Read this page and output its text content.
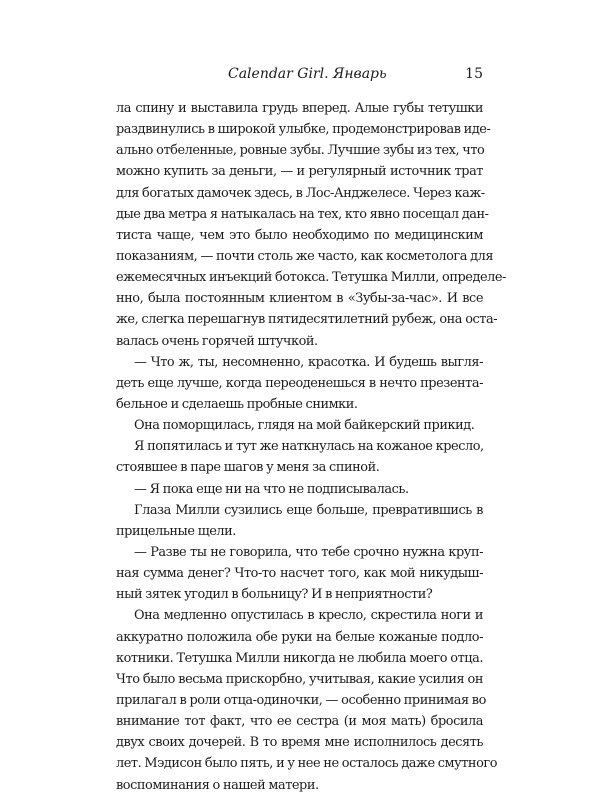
Calendar Girl. Январь	15
ла спину и выставила грудь вперед. Алые губы тетушки
раздвинулись в широкой улыбке, продемонстрировав иде-
ально отбеленные, ровные зубы. Лучшие зубы из тех, что
можно купить за деньги, — и регулярный источник трат
для богатых дамочек здесь, в Лос-Анджелесе. Через каж-
дые два метра я натыкалась на тех, кто явно посещал дан-
тиста чаще, чем это было необходимо по медицинским
показаниям, — почти столь же часто, как косметолога для
ежемесячных инъекций ботокса. Тетушка Милли, определе-
нно, была постоянным клиентом в «Зубы-за-час». И все
же, слегка перешагнув пятидесятилетний рубеж, она оста-
валась очень горячей штучкой.
— Что ж, ты, несомненно, красотка. И будешь выгля-
деть еще лучше, когда переоденешься в нечто презента-
бельное и сделаешь пробные снимки.
Она поморщилась, глядя на мой байкерский прикид.
Я попятилась и тут же наткнулась на кожаное кресло,
стоявшее в паре шагов у меня за спиной.
— Я пока еще ни на что не подписывалась.
Глаза Милли сузились еще больше, превратившись в
прицельные щели.
— Разве ты не говорила, что тебе срочно нужна круп-
ная сумма денег? Что-то насчет того, как мой никудыш-
ный зятек угодил в больницу? И в неприятности?
Она медленно опустилась в кресло, скрестила ноги и
аккуратно положила обе руки на белые кожаные подло-
котники. Тетушка Милли никогда не любила моего отца.
Что было весьма прискорбно, учитывая, какие усилия он
прилагал в роли отца-одиночки, — особенно принимая во
внимание тот факт, что ее сестра (и моя мать) бросила
двух своих дочерей. В то время мне исполнилось десять
лет. Мэдисон было пять, и у нее не осталось даже смутного
воспоминания о нашей матери.
